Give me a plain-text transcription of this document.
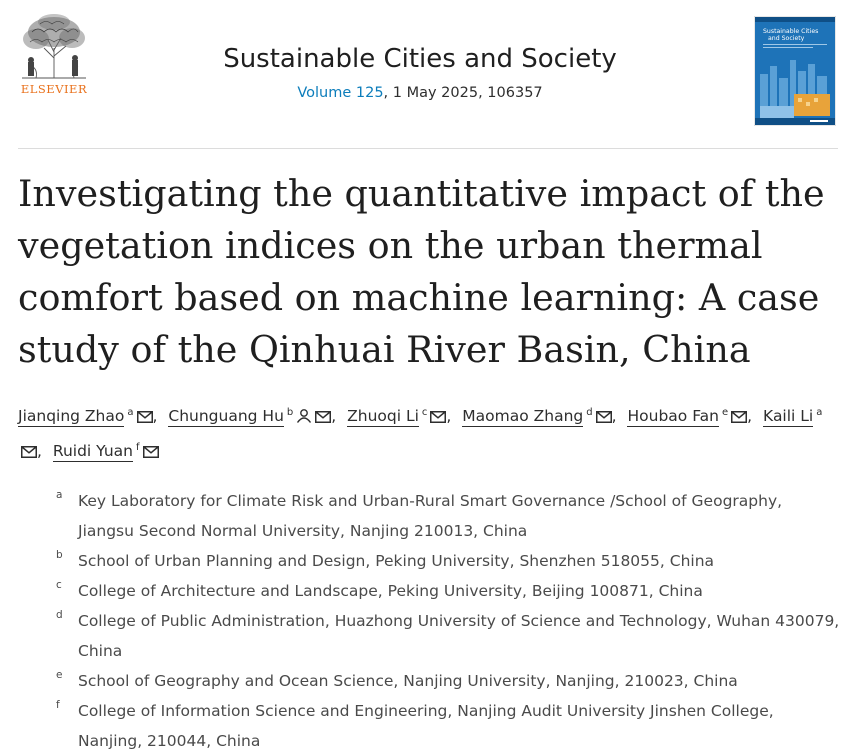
ELSEVIER
Sustainable Cities and Society
Volume 125, 1 May 2025, 106357
Sustainable Cities
and Society
Investigating the quantitative impact of the vegetation indices on the urban thermal comfort based on machine learning: A case study of the Qinhuai River Basin, China
Jianqing Zhao $^a$ , Chunguang Hu $^b$ , Zhuoqi Li $^c$ , Maomao Zhang $^d$ , Houbao Fan $^e$ , Kaili Li $^a$, Ruidi Yuan $^f$
a Key Laboratory for Climate Risk and Urban-Rural Smart Governance /School of Geography, Jiangsu Second Normal University, Nanjing 210013, China
b School of Urban Planning and Design, Peking University, Shenzhen 518055, China
c College of Architecture and Landscape, Peking University, Beijing 100871, China
d College of Public Administration, Huazhong University of Science and Technology, Wuhan 430079, China
e School of Geography and Ocean Science, Nanjing University, Nanjing, 210023, China
f College of Information Science and Engineering, Nanjing Audit University Jinshen College, Nanjing, 210044, China
